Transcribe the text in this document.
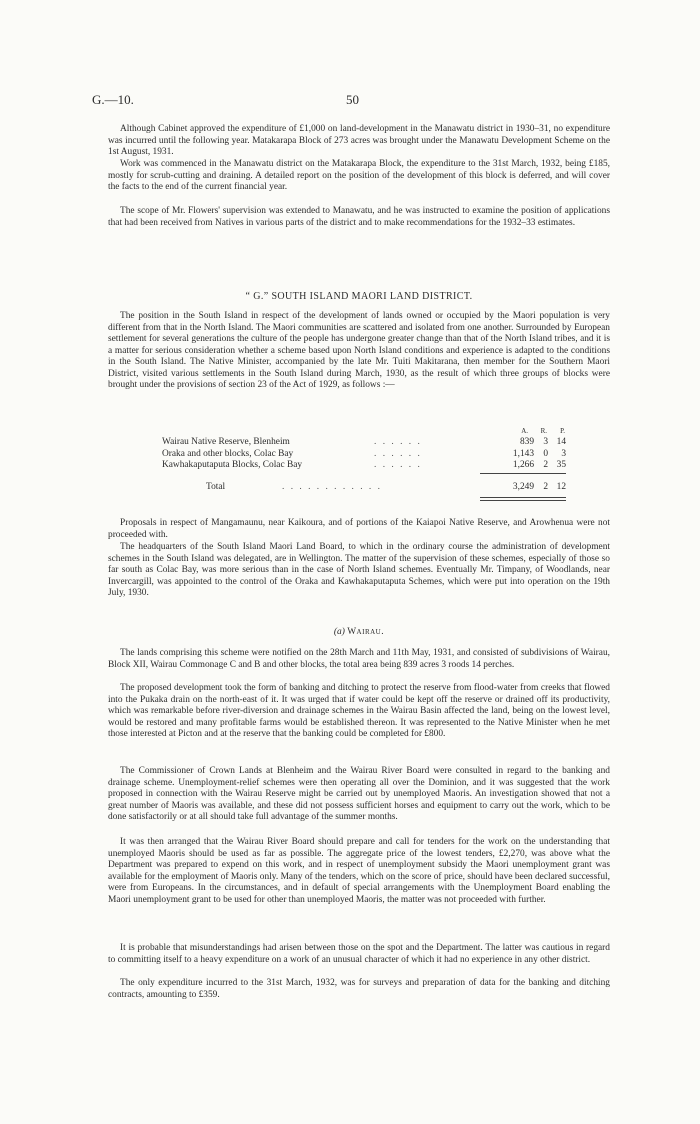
G.—10.	50

Although Cabinet approved the expenditure of £1,000 on land-development in the Manawatu district in 1930–31, no expenditure was incurred until the following year. Matakarapa Block of 273 acres was brought under the Manawatu Development Scheme on the 1st August, 1931.

Work was commenced in the Manawatu district on the Matakarapa Block, the expenditure to the 31st March, 1932, being £185, mostly for scrub-cutting and draining. A detailed report on the position of the development of this block is deferred, and will cover the facts to the end of the current financial year.

The scope of Mr. Flowers' supervision was extended to Manawatu, and he was instructed to examine the position of applications that had been received from Natives in various parts of the district and to make recommendations for the 1932–33 estimates.

“ G.” SOUTH ISLAND MAORI LAND DISTRICT.

The position in the South Island in respect of the development of lands owned or occupied by the Maori population is very different from that in the North Island. The Maori communities are scattered and isolated from one another. Surrounded by European settlement for several generations the culture of the people has undergone greater change than that of the North Island tribes, and it is a matter for serious consideration whether a scheme based upon North Island conditions and experience is adapted to the conditions in the South Island. The Native Minister, accompanied by the late Mr. Tuiti Makitarana, then member for the Southern Maori District, visited various settlements in the South Island during March, 1930, as the result of which three groups of blocks were brought under the provisions of section 23 of the Act of 1929, as follows :—

A. R. P.
Wairau Native Reserve, Blenheim	. . . . . .	839 3 14
Oraka and other blocks, Colac Bay	. . . . . .	1,143 0	3
Kawhakaputaputa Blocks, Colac Bay	. . . . . .	1,266 2 35
Total	. . . . . . . . . . . .	3,249 2 12

Proposals in respect of Mangamaunu, near Kaikoura, and of portions of the Kaiapoi Native Reserve, and Arowhenua were not proceeded with.

The headquarters of the South Island Maori Land Board, to which in the ordinary course the administration of development schemes in the South Island was delegated, are in Wellington. The matter of the supervision of these schemes, especially of those so far south as Colac Bay, was more serious than in the case of North Island schemes. Eventually Mr. Timpany, of Woodlands, near Invercargill, was appointed to the control of the Oraka and Kawhakaputaputa Schemes, which were put into operation on the 19th July, 1930.

(a) Wairau.

The lands comprising this scheme were notified on the 28th March and 11th May, 1931, and consisted of subdivisions of Wairau, Block XII, Wairau Commonage C and B and other blocks, the total area being 839 acres 3 roods 14 perches.

The proposed development took the form of banking and ditching to protect the reserve from flood-water from creeks that flowed into the Pukaka drain on the north-east of it. It was urged that if water could be kept off the reserve or drained off its productivity, which was remarkable before river-diversion and drainage schemes in the Wairau Basin affected the land, being on the lowest level, would be restored and many profitable farms would be established thereon. It was represented to the Native Minister when he met those interested at Picton and at the reserve that the banking could be completed for £800.

The Commissioner of Crown Lands at Blenheim and the Wairau River Board were consulted in regard to the banking and drainage scheme. Unemployment-relief schemes were then operating all over the Dominion, and it was suggested that the work proposed in connection with the Wairau Reserve might be carried out by unemployed Maoris. An investigation showed that not a great number of Maoris was available, and these did not possess sufficient horses and equipment to carry out the work, which to be done satisfactorily or at all should take full advantage of the summer months.

It was then arranged that the Wairau River Board should prepare and call for tenders for the work on the understanding that unemployed Maoris should be used as far as possible. The aggregate price of the lowest tenders, £2,270, was above what the Department was prepared to expend on this work, and in respect of unemployment subsidy the Maori unemployment grant was available for the employment of Maoris only. Many of the tenders, which on the score of price, should have been declared successful, were from Europeans. In the circumstances, and in default of special arrangements with the Unemployment Board enabling the Maori unemployment grant to be used for other than unemployed Maoris, the matter was not proceeded with further.

It is probable that misunderstandings had arisen between those on the spot and the Department. The latter was cautious in regard to committing itself to a heavy expenditure on a work of an unusual character of which it had no experience in any other district.

The only expenditure incurred to the 31st March, 1932, was for surveys and preparation of data for the banking and ditching contracts, amounting to £359.
